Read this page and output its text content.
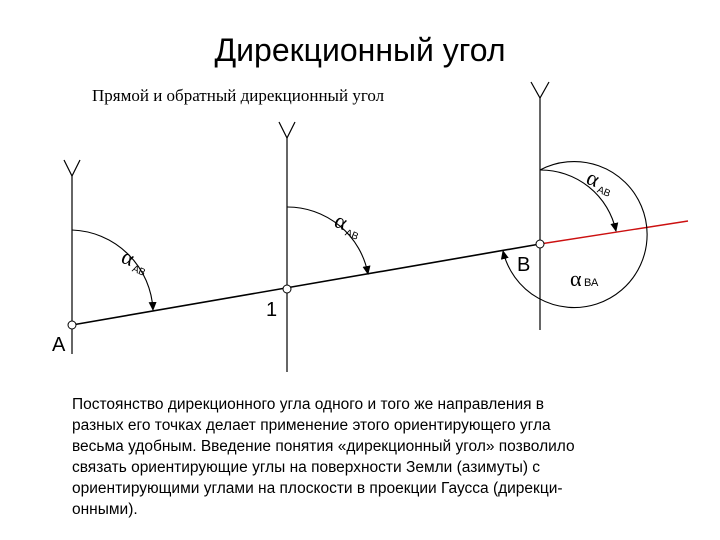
Дирекционный угол
Прямой и обратный дирекционный угол
A
1
B
α
АВ
α
АВ
α
АВ
α ВА
Постоянство дирекционного угла одного и того же направления в
разных его точках делает применение этого ориентирующего угла
весьма удобным. Введение понятия «дирекционный угол» позволило
связать ориентирующие углы на поверхности Земли (азимуты) с
ориентирующими углами на плоскости в проекции Гаусса (дирекци-
онными).
